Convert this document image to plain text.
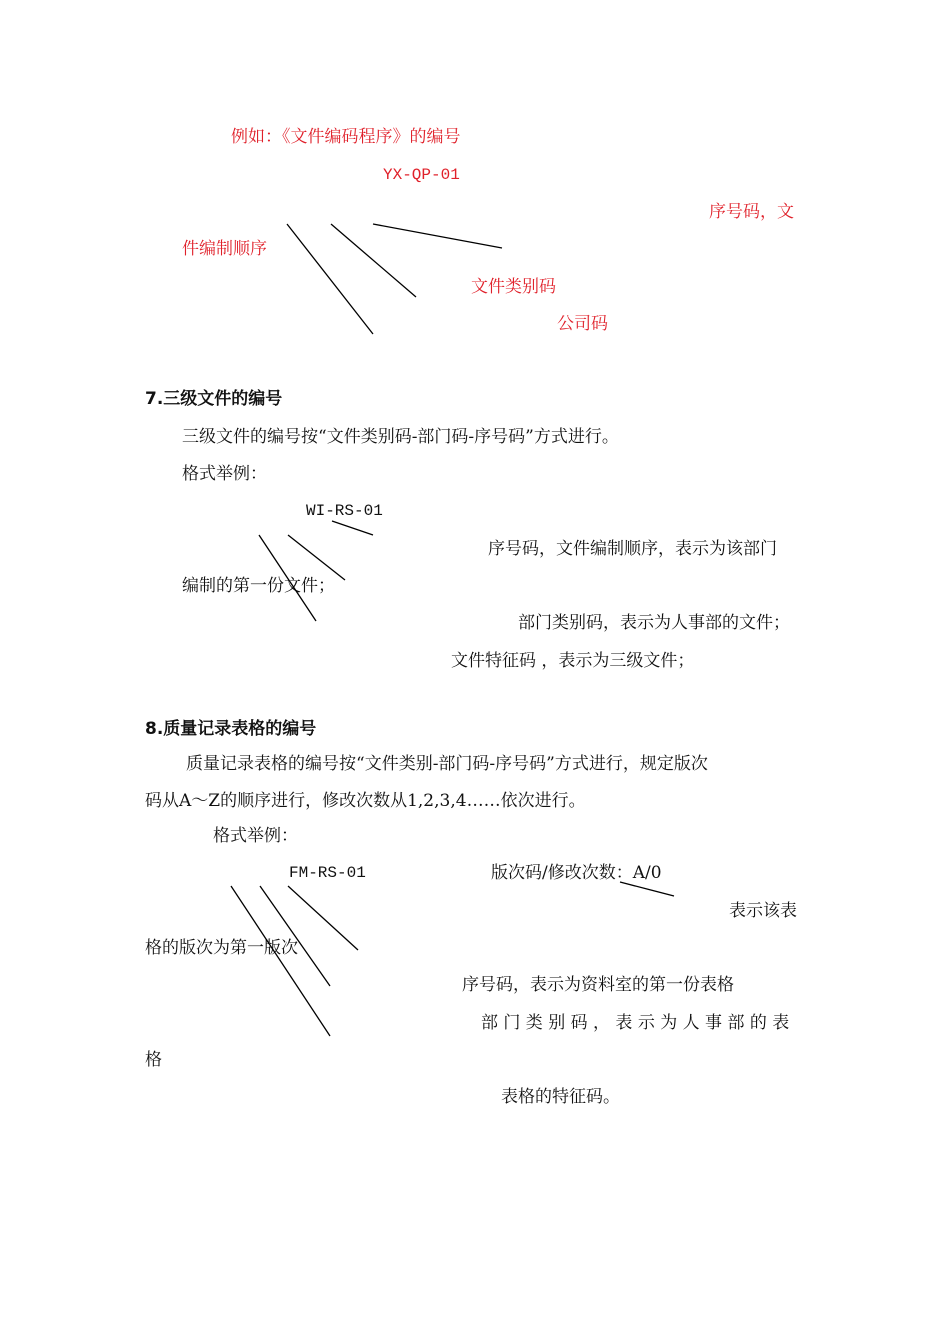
例如：《文件编码程序》的编号
YX-QP-01
序号码，文
件编制顺序
文件类别码
公司码
7.三级文件的编号
三级文件的编号按“文件类别码-部门码-序号码”方式进行。
格式举例：
WI-RS-01
序号码，文件编制顺序，表示为该部门
编制的第一份文件；
部门类别码，表示为人事部的文件；
文件特征码 ，表示为三级文件；
8.质量记录表格的编号
质量记录表格的编号按“文件类别-部门码-序号码”方式进行，规定版次
码从A～Z的顺序进行，修改次数从1,2,3,4……依次进行。
格式举例：
FM-RS-01	版次码/修改次数：A/0
表示该表
格的版次为第一版次
序号码，表示为资料室的第一份表格
部 门 类 别 码 ， 表 示 为 人 事 部 的 表
格
表格的特征码。
